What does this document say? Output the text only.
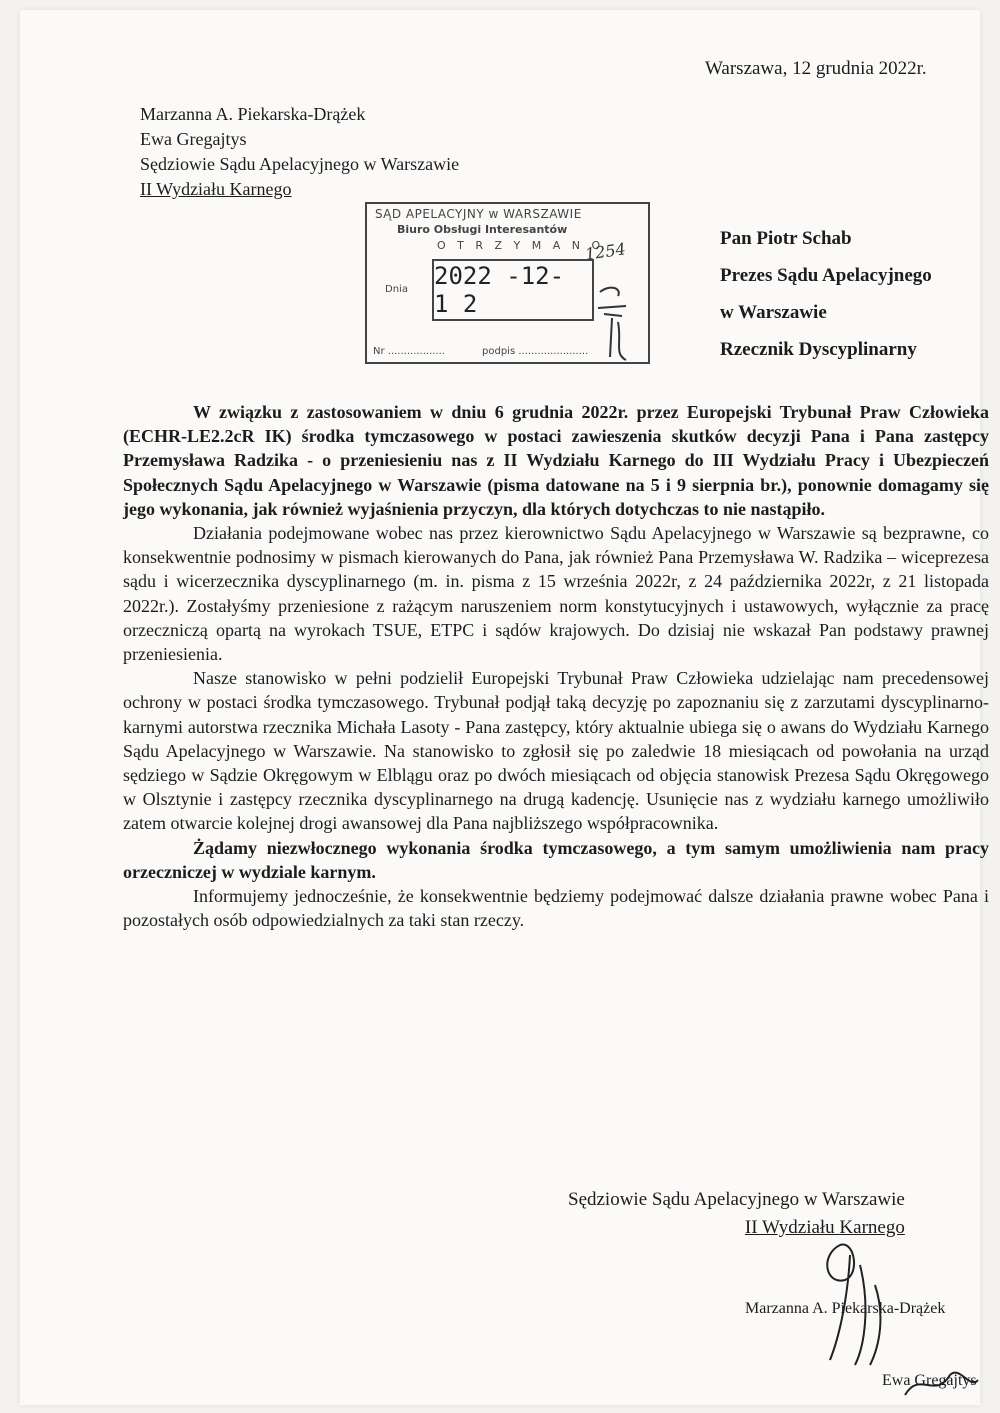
Warszawa, 12 grudnia 2022r.
Marzanna A. Piekarska-Drążek
Ewa Gregajtys
Sędziowie Sądu Apelacyjnego w Warszawie
II Wydziału Karnego
SĄD APELACYJNY w WARSZAWIE
Biuro Obsługi Interesantów
O T R Z Y M A N O
Dnia 2022 -12- 1 2
1254
Nr ..................	podpis ......................
Pan Piotr Schab
Prezes Sądu Apelacyjnego
w Warszawie
Rzecznik Dyscyplinarny

W związku z zastosowaniem w dniu 6 grudnia 2022r. przez Europejski Trybunał Praw Człowieka (ECHR-LE2.2cR IK) środka tymczasowego w postaci zawieszenia skutków decyzji Pana i Pana zastępcy Przemysława Radzika - o przeniesieniu nas z II Wydziału Karnego do III Wydziału Pracy i Ubezpieczeń Społecznych Sądu Apelacyjnego w Warszawie (pisma datowane na 5 i 9 sierpnia br.), ponownie domagamy się jego wykonania, jak również wyjaśnienia przyczyn, dla których dotychczas to nie nastąpiło.

Działania podejmowane wobec nas przez kierownictwo Sądu Apelacyjnego w Warszawie są bezprawne, co konsekwentnie podnosimy w pismach kierowanych do Pana, jak również Pana Przemysława W. Radzika – wiceprezesa sądu i wicerzecznika dyscyplinarnego (m. in. pisma z 15 września 2022r, z 24 października 2022r, z 21 listopada 2022r.). Zostałyśmy przeniesione z rażącym naruszeniem norm konstytucyjnych i ustawowych, wyłącznie za pracę orzeczniczą opartą na wyrokach TSUE, ETPC i sądów krajowych. Do dzisiaj nie wskazał Pan podstawy prawnej przeniesienia.

Nasze stanowisko w pełni podzielił Europejski Trybunał Praw Człowieka udzielając nam precedensowej ochrony w postaci środka tymczasowego. Trybunał podjął taką decyzję po zapoznaniu się z zarzutami dyscyplinarno-karnymi autorstwa rzecznika Michała Lasoty - Pana zastępcy, który aktualnie ubiega się o awans do Wydziału Karnego Sądu Apelacyjnego w Warszawie. Na stanowisko to zgłosił się po zaledwie 18 miesiącach od powołania na urząd sędziego w Sądzie Okręgowym w Elblągu oraz po dwóch miesiącach od objęcia stanowisk Prezesa Sądu Okręgowego w Olsztynie i zastępcy rzecznika dyscyplinarnego na drugą kadencję. Usunięcie nas z wydziału karnego umożliwiło zatem otwarcie kolejnej drogi awansowej dla Pana najbliższego współpracownika.

Żądamy niezwłocznego wykonania środka tymczasowego, a tym samym umożliwienia nam pracy orzeczniczej w wydziale karnym.

Informujemy jednocześnie, że konsekwentnie będziemy podejmować dalsze działania prawne wobec Pana i pozostałych osób odpowiedzialnych za taki stan rzeczy.

Sędziowie Sądu Apelacyjnego w Warszawie
II Wydziału Karnego
Marzanna A. Piekarska-Drążek
Ewa Gregajtys
